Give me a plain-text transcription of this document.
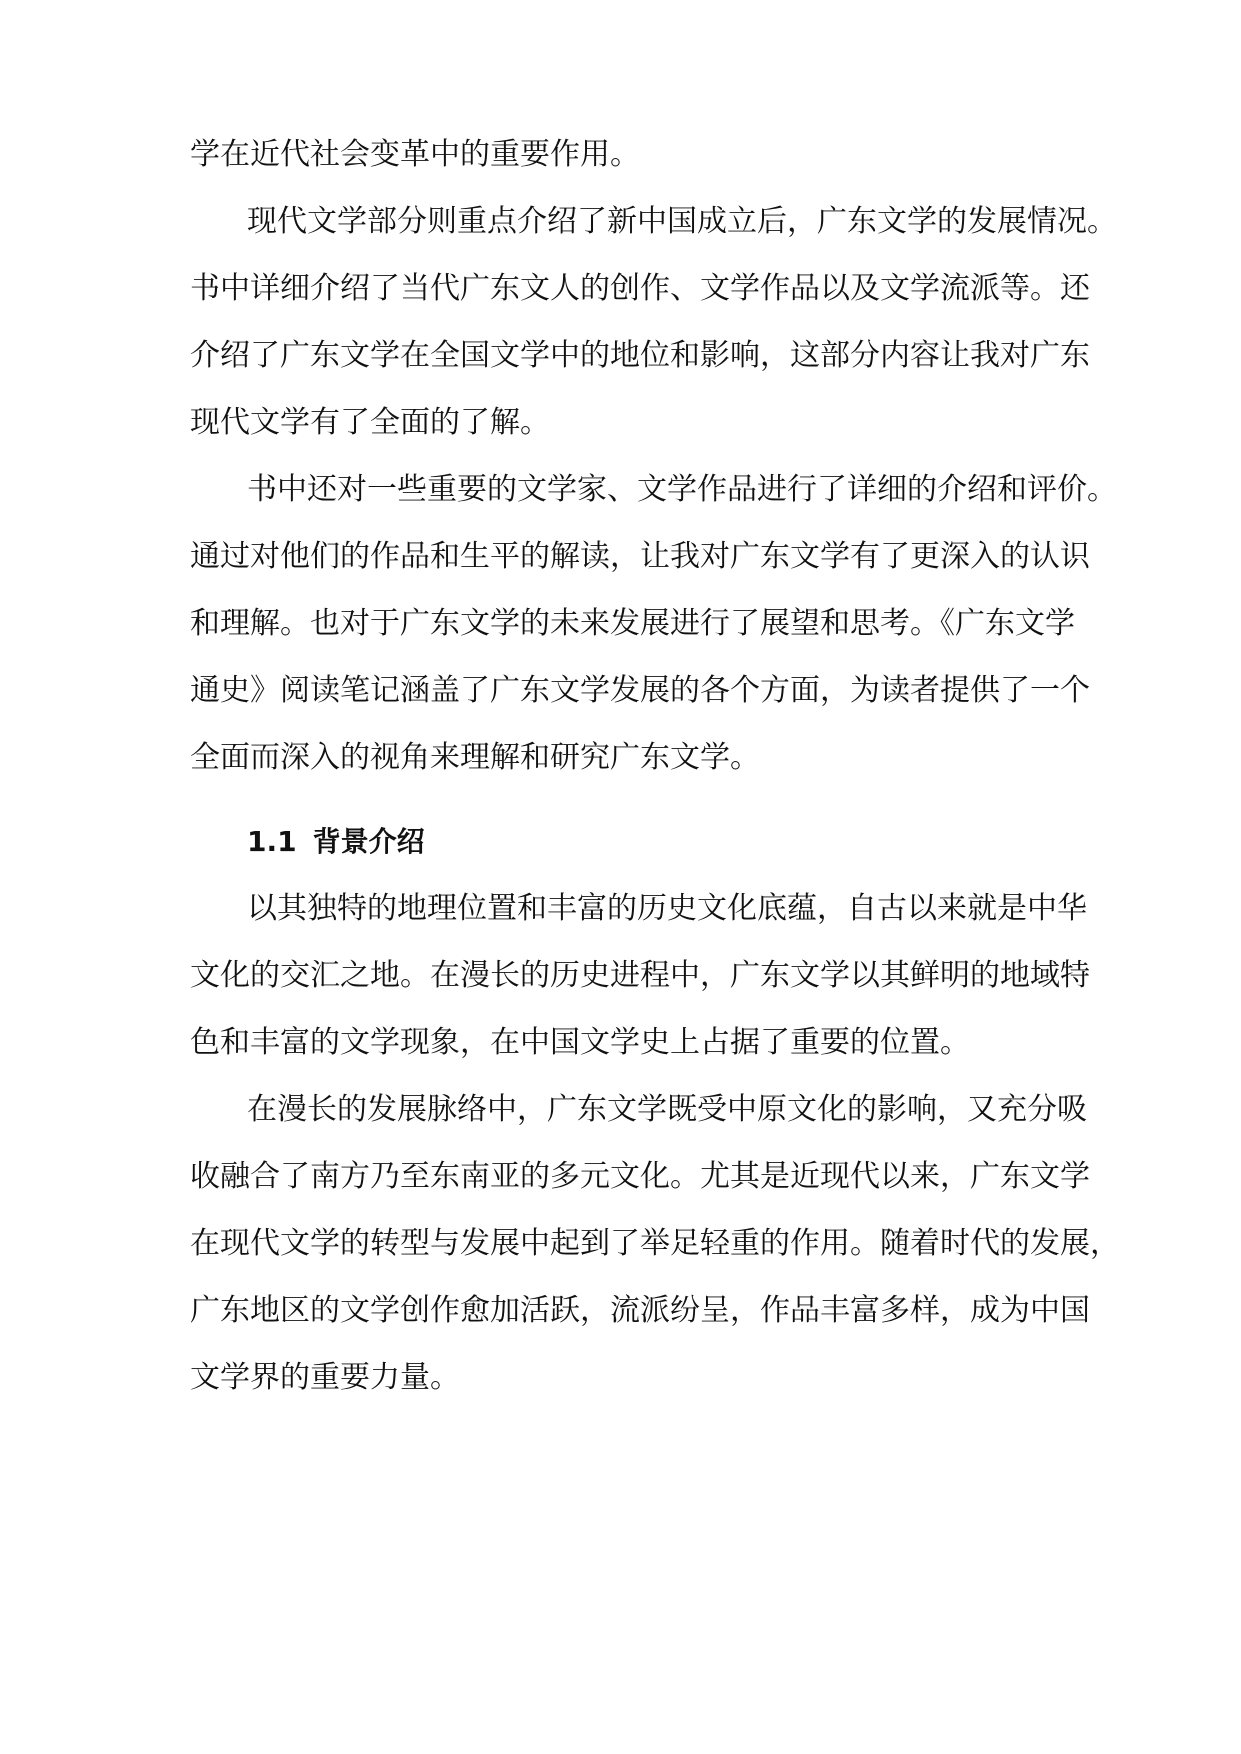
学在近代社会变革中的重要作用。
现代文学部分则重点介绍了新中国成立后，广东文学的发展情况。
书中详细介绍了当代广东文人的创作、文学作品以及文学流派等。还
介绍了广东文学在全国文学中的地位和影响，这部分内容让我对广东
现代文学有了全面的了解。
书中还对一些重要的文学家、文学作品进行了详细的介绍和评价。
通过对他们的作品和生平的解读，让我对广东文学有了更深入的认识
和理解。也对于广东文学的未来发展进行了展望和思考。《广东文学
通史》阅读笔记涵盖了广东文学发展的各个方面，为读者提供了一个
全面而深入的视角来理解和研究广东文学。
1.1 背景介绍
以其独特的地理位置和丰富的历史文化底蕴，自古以来就是中华
文化的交汇之地。在漫长的历史进程中，广东文学以其鲜明的地域特
色和丰富的文学现象，在中国文学史上占据了重要的位置。
在漫长的发展脉络中，广东文学既受中原文化的影响，又充分吸
收融合了南方乃至东南亚的多元文化。尤其是近现代以来，广东文学
在现代文学的转型与发展中起到了举足轻重的作用。随着时代的发展，
广东地区的文学创作愈加活跃，流派纷呈，作品丰富多样，成为中国
文学界的重要力量。
